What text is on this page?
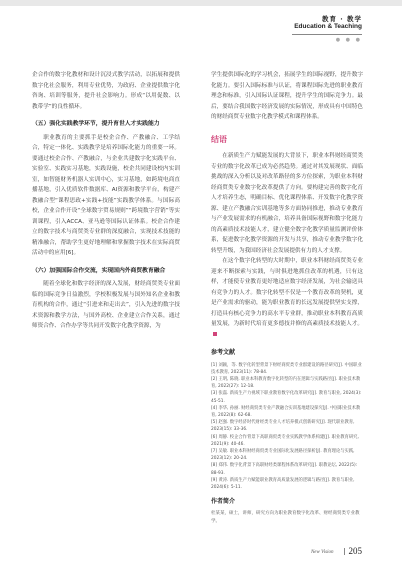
教育 · 教学
Education & Teaching
● ● ●

企合作的数字化教材和设计沉浸式教学活动，以拓展和提供数字化社会服务，利用专业优势，为政府、企业提供数字化咨询、培训等服务，提升社会影响力。形成“以用促数、以教带学”的良性循环。

（五）强化实践教学环节，提升育世人才实践能力

职业教育的主要抓手是校企合作、产教融合、工学结合，特定一体化、实践教学是培养国际化能力的重要一环。要通过校企合作、产教融合，与企业共建数字化实践平台、实验室、实践实习基地，实践设施，校企共同建设校内实训室，如智能财务机器人实训中心，实习基地，如跨境电商直播基地，引入优质软件数据库、AI资源和教学平台，构建产教融合型“课程思政+实践+技能”实践教学体系。与国际高校，企业合作开设“全球数字贸易规则”“跨境数字营销”等实训课程，引入ACCA、亚马逊等国际认证体系。校企合作建立的数字技术与商贸类专业群的深度融合，实现技术技能的精准融合，帮助学生更好地理解和掌握数字技术在实际商贸活动中的应用[6]。

（六）加强国际合作交流，实现国内外商贸教育融合

随着全球化和数字经济的深入发展，财经商贸类专业面临的国际竞争日益激烈，学校积极发展与国外知名企业和教育机构的合作，通过“引进来和走出去”，引入先进的数字技术资源和教学方法，与国外高校、企业建立合作关系，通过师资合作、合作办学等共同开发数字化教学资源，为

学生提供国际化的学习机会，拓展学生的国际视野，提升数字化能力。要引入国际标准与认证，将课程国际先进的职业教育理念和标准，引入国际认证课程，提升学生的国际竞争力。最后，要结合我国数字经济发展的实际情况，形成具有中国特色的财经商贸专业数字化教学模式和课程体系。

结语

在新质生产力赋能发展的大背景下，职业本科财经商贸类专业的数字化改革已成为必然趋势。通过对其发展现状、面临挑战的深入分析以及对改革路径的多方位探索，为职业本科财经商贸类专业数字化改革提供了方向。要构建完善的数字化育人才培养生态，明确目标、优化课程体系、开发数字化教学资源、建立产教融合实训基地等多方面协同推进，推动专业教育与产业发展需求的有机融合，培养具备国际视野和数字化能力的高素质技术技能人才，建立健全数字化教学质量监测评价体系，促进数字化教学资源的开发与共享，推动专业教学数字化转型升级，为我国经济社会发展提供有力的人才支撑。

在这个数字化转型的大时期中，职业本科财经商贸类专业迎来不断探索与实践，与时俱进地抓住改革的机遇，只有这样，才能使专业教育更好地适应数字经济发展，为社会输送具有竞争力的人才。数字化转型不仅是一个教育改革的契机，更是产业需求的驱动，能为职业教育的长远发展提供坚实支撑，打造具有核心竞争力的高水平专业群，推动职业本科教育高质量发展，为新时代培育更多德技并修的高素质技术技能人才。

参考文献

[1] 刘颖，等. 数字化转型背景下财经商贸类专业群建设的路径研究[J]. 中国职业技术教育, 2023(11): 78-84.

[2] 王明, 陈晓. 职业本科教育数字化转型的内在逻辑与实践路径[J]. 职业技术教育, 2022(27): 12-18.

[3] 张磊. 新质生产力视域下职业教育数字化改革研究[J]. 教育与职业, 2024(3): 45-51.

[4] 李华, 孙丽. 财经商贸类专业产教融合实训基地建设探究[J]. 中国职业技术教育, 2022(8): 62-68.

[5] 赵强. 数字经济时代财经类专业人才培养模式创新研究[J]. 现代职业教育, 2023(15): 33-36.

[6] 周静. 校企合作背景下高职商贸类专业实践教学体系构建[J]. 职业教育研究, 2021(9): 40-46.

[7] 吴敏. 职业本科财经商贸类专业国际化发展路径探析[J]. 教育理论与实践, 2023(12): 20-24.

[8] 郑伟. 数字化背景下高职财经类课程体系改革研究[J]. 职教论坛, 2022(5): 88-93.

[9] 黄涛. 新质生产力赋能职业教育高质量发展的逻辑与路径[J]. 教育与职业, 2024(6): 5-11.

作者简介

杜某某，硕士，讲师，研究方向为职业教育数字化改革、财经商贸类专业教学。

New Vision 205
